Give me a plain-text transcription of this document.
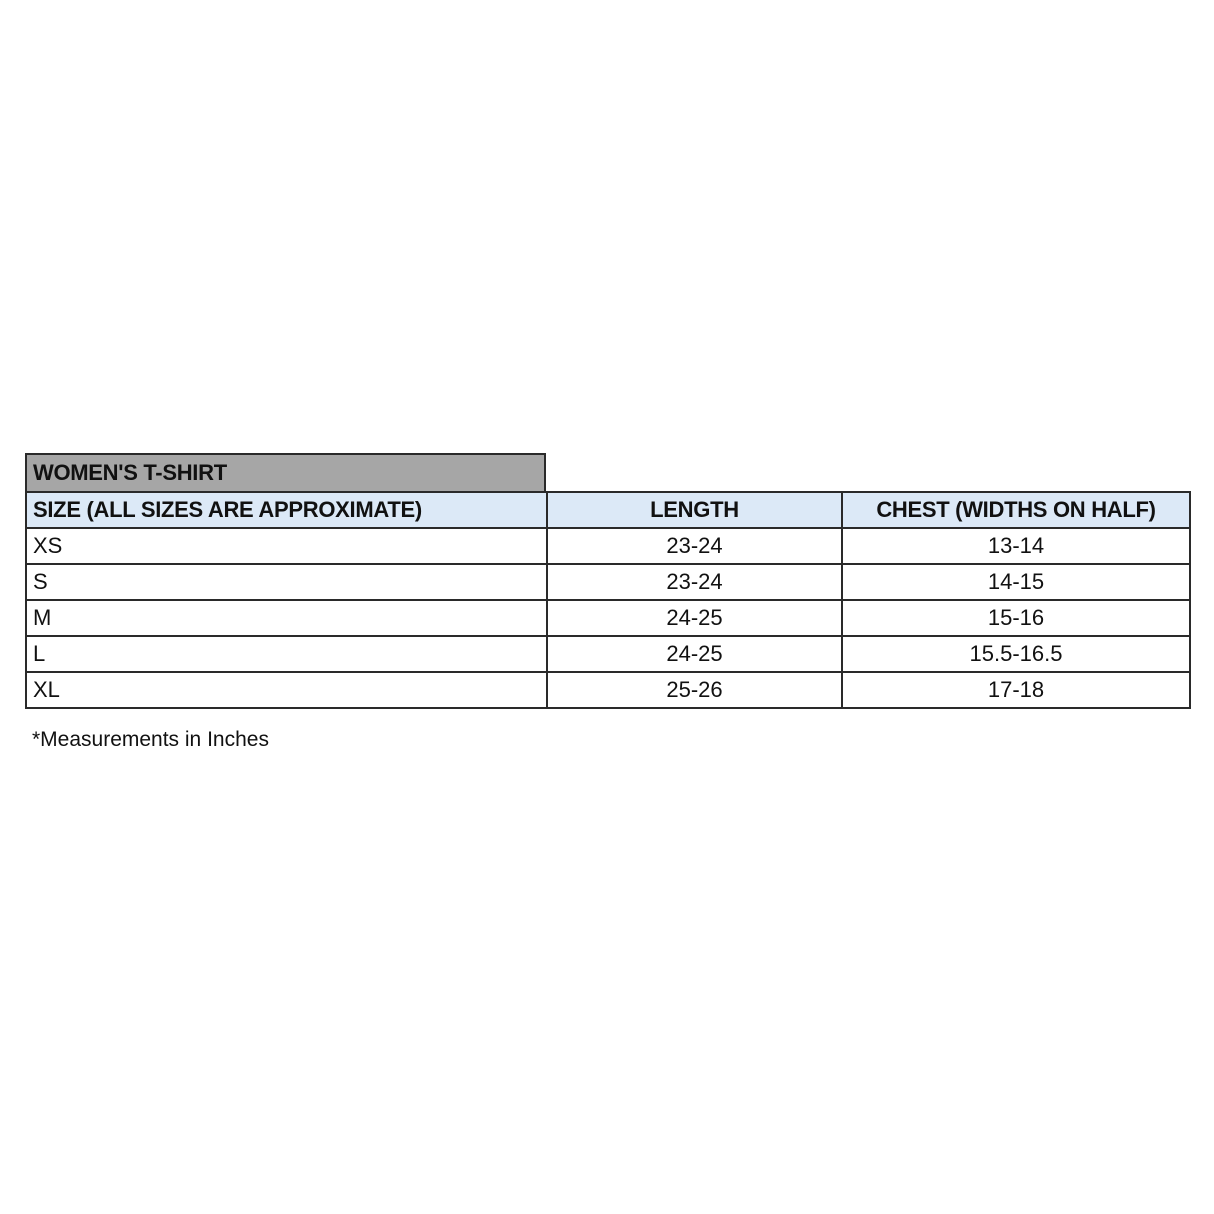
WOMEN'S T-SHIRT
SIZE (ALL SIZES ARE APPROXIMATE)	LENGTH	CHEST (WIDTHS ON HALF)
XS	23-24	13-14
S	23-24	14-15
M	24-25	15-16
L	24-25	15.5-16.5
XL	25-26	17-18
*Measurements in Inches
